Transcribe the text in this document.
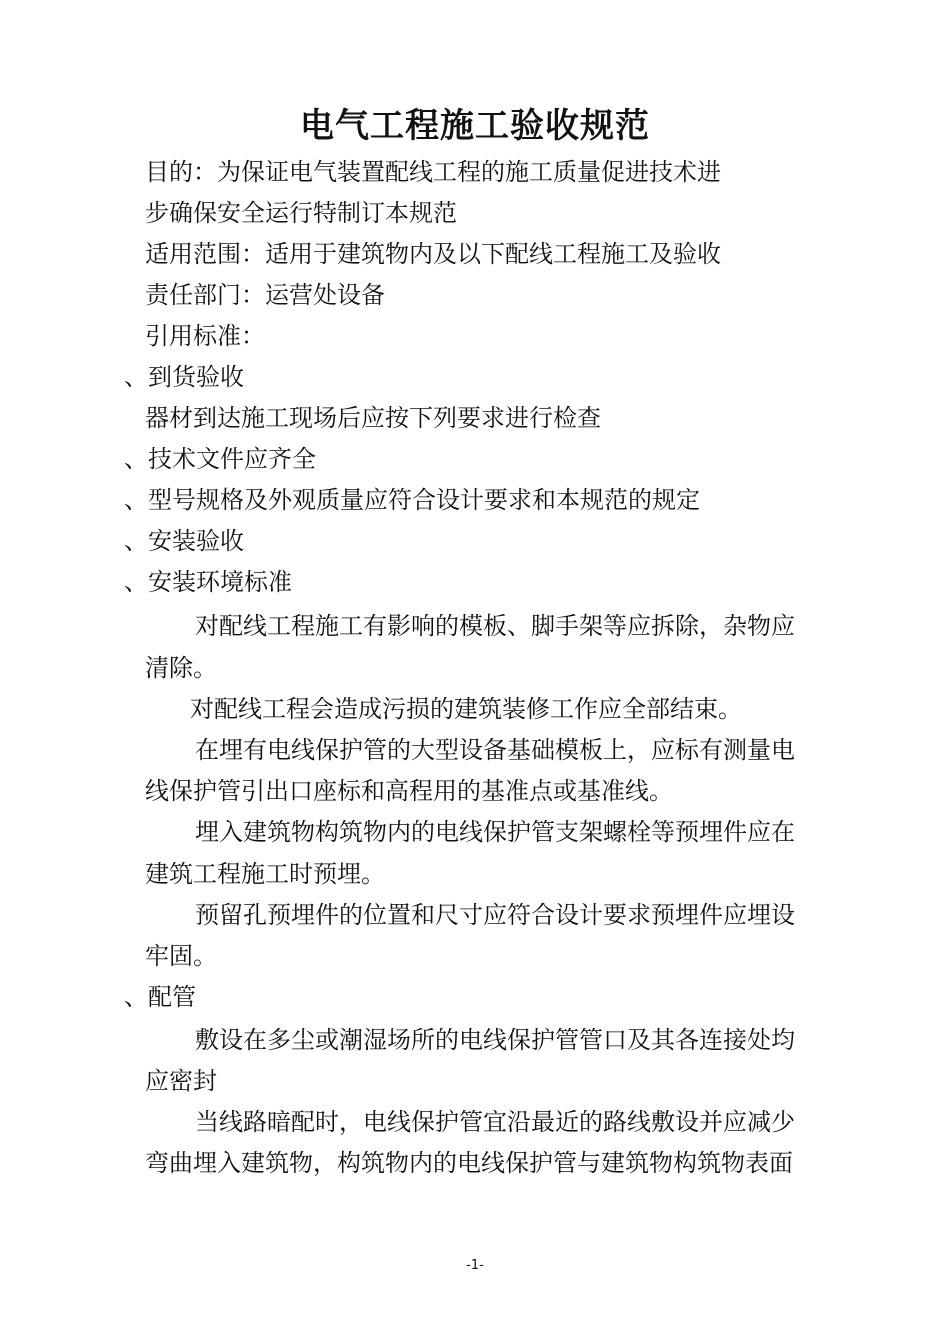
电气工程施工验收规范
目的：为保证电气装置配线工程的施工质量促进技术进
步确保安全运行特制订本规范
适用范围：适用于建筑物内及以下配线工程施工及验收
责任部门：运营处设备
引用标准：
、到货验收
器材到达施工现场后应按下列要求进行检查
、技术文件应齐全
、型号规格及外观质量应符合设计要求和本规范的规定
、安装验收
、安装环境标准
对配线工程施工有影响的模板、脚手架等应拆除，杂物应
清除。
对配线工程会造成污损的建筑装修工作应全部结束。
在埋有电线保护管的大型设备基础模板上，应标有测量电
线保护管引出口座标和高程用的基准点或基准线。
埋入建筑物构筑物内的电线保护管支架螺栓等预埋件应在
建筑工程施工时预埋。
预留孔预埋件的位置和尺寸应符合设计要求预埋件应埋设
牢固。
、配管
敷设在多尘或潮湿场所的电线保护管管口及其各连接处均
应密封
当线路暗配时，电线保护管宜沿最近的路线敷设并应减少
弯曲埋入建筑物，构筑物内的电线保护管与建筑物构筑物表面
-1-
